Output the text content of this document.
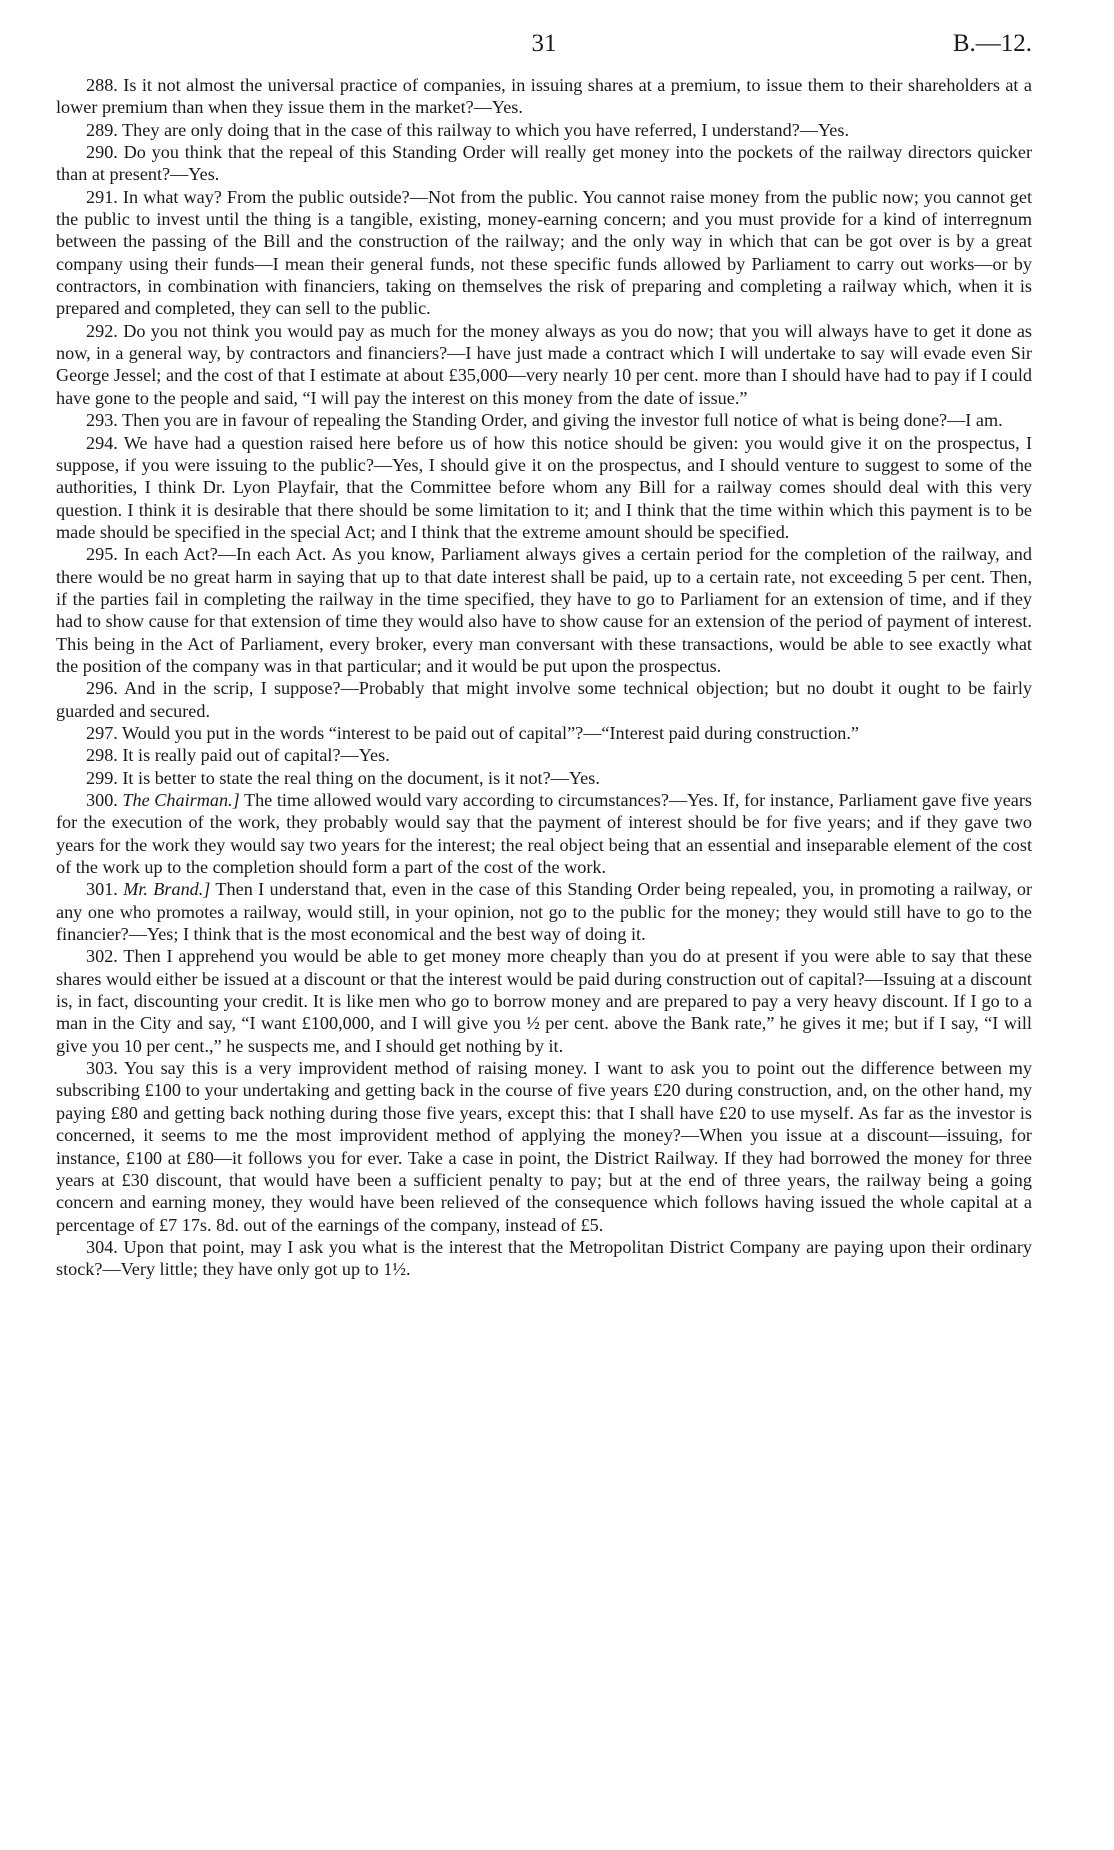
31	B.—12.

288. Is it not almost the universal practice of companies, in issuing shares at a premium, to issue them to their shareholders at a lower premium than when they issue them in the market?—Yes.

289. They are only doing that in the case of this railway to which you have referred, I understand?—Yes.

290. Do you think that the repeal of this Standing Order will really get money into the pockets of the railway directors quicker than at present?—Yes.

291. In what way? From the public outside?—Not from the public. You cannot raise money from the public now; you cannot get the public to invest until the thing is a tangible, existing, money-earning concern; and you must provide for a kind of interregnum between the passing of the Bill and the construction of the railway; and the only way in which that can be got over is by a great company using their funds—I mean their general funds, not these specific funds allowed by Parliament to carry out works—or by contractors, in combination with financiers, taking on themselves the risk of preparing and completing a railway which, when it is prepared and completed, they can sell to the public.

292. Do you not think you would pay as much for the money always as you do now; that you will always have to get it done as now, in a general way, by contractors and financiers?—I have just made a contract which I will undertake to say will evade even Sir George Jessel; and the cost of that I estimate at about £35,000—very nearly 10 per cent. more than I should have had to pay if I could have gone to the people and said, “I will pay the interest on this money from the date of issue.”

293. Then you are in favour of repealing the Standing Order, and giving the investor full notice of what is being done?—I am.

294. We have had a question raised here before us of how this notice should be given: you would give it on the prospectus, I suppose, if you were issuing to the public?—Yes, I should give it on the prospectus, and I should venture to suggest to some of the authorities, I think Dr. Lyon Playfair, that the Committee before whom any Bill for a railway comes should deal with this very question. I think it is desirable that there should be some limitation to it; and I think that the time within which this payment is to be made should be specified in the special Act; and I think that the extreme amount should be specified.

295. In each Act?—In each Act. As you know, Parliament always gives a certain period for the completion of the railway, and there would be no great harm in saying that up to that date interest shall be paid, up to a certain rate, not exceeding 5 per cent. Then, if the parties fail in completing the railway in the time specified, they have to go to Parliament for an extension of time, and if they had to show cause for that extension of time they would also have to show cause for an extension of the period of payment of interest. This being in the Act of Parliament, every broker, every man conversant with these transactions, would be able to see exactly what the position of the company was in that particular; and it would be put upon the prospectus.

296. And in the scrip, I suppose?—Probably that might involve some technical objection; but no doubt it ought to be fairly guarded and secured.

297. Would you put in the words “interest to be paid out of capital”?—“Interest paid during construction.”

298. It is really paid out of capital?—Yes.

299. It is better to state the real thing on the document, is it not?—Yes.

300. The Chairman.] The time allowed would vary according to circumstances?—Yes. If, for instance, Parliament gave five years for the execution of the work, they probably would say that the payment of interest should be for five years; and if they gave two years for the work they would say two years for the interest; the real object being that an essential and inseparable element of the cost of the work up to the completion should form a part of the cost of the work.

301. Mr. Brand.] Then I understand that, even in the case of this Standing Order being repealed, you, in promoting a railway, or any one who promotes a railway, would still, in your opinion, not go to the public for the money; they would still have to go to the financier?—Yes; I think that is the most economical and the best way of doing it.

302. Then I apprehend you would be able to get money more cheaply than you do at present if you were able to say that these shares would either be issued at a discount or that the interest would be paid during construction out of capital?—Issuing at a discount is, in fact, discounting your credit. It is like men who go to borrow money and are prepared to pay a very heavy discount. If I go to a man in the City and say, “I want £100,000, and I will give you ½ per cent. above the Bank rate,” he gives it me; but if I say, “I will give you 10 per cent.,” he suspects me, and I should get nothing by it.

303. You say this is a very improvident method of raising money. I want to ask you to point out the difference between my subscribing £100 to your undertaking and getting back in the course of five years £20 during construction, and, on the other hand, my paying £80 and getting back nothing during those five years, except this: that I shall have £20 to use myself. As far as the investor is concerned, it seems to me the most improvident method of applying the money?—When you issue at a discount—issuing, for instance, £100 at £80—it follows you for ever. Take a case in point, the District Railway. If they had borrowed the money for three years at £30 discount, that would have been a sufficient penalty to pay; but at the end of three years, the railway being a going concern and earning money, they would have been relieved of the consequence which follows having issued the whole capital at a percentage of £7 17s. 8d. out of the earnings of the company, instead of £5.

304. Upon that point, may I ask you what is the interest that the Metropolitan District Company are paying upon their ordinary stock?—Very little; they have only got up to 1½.
